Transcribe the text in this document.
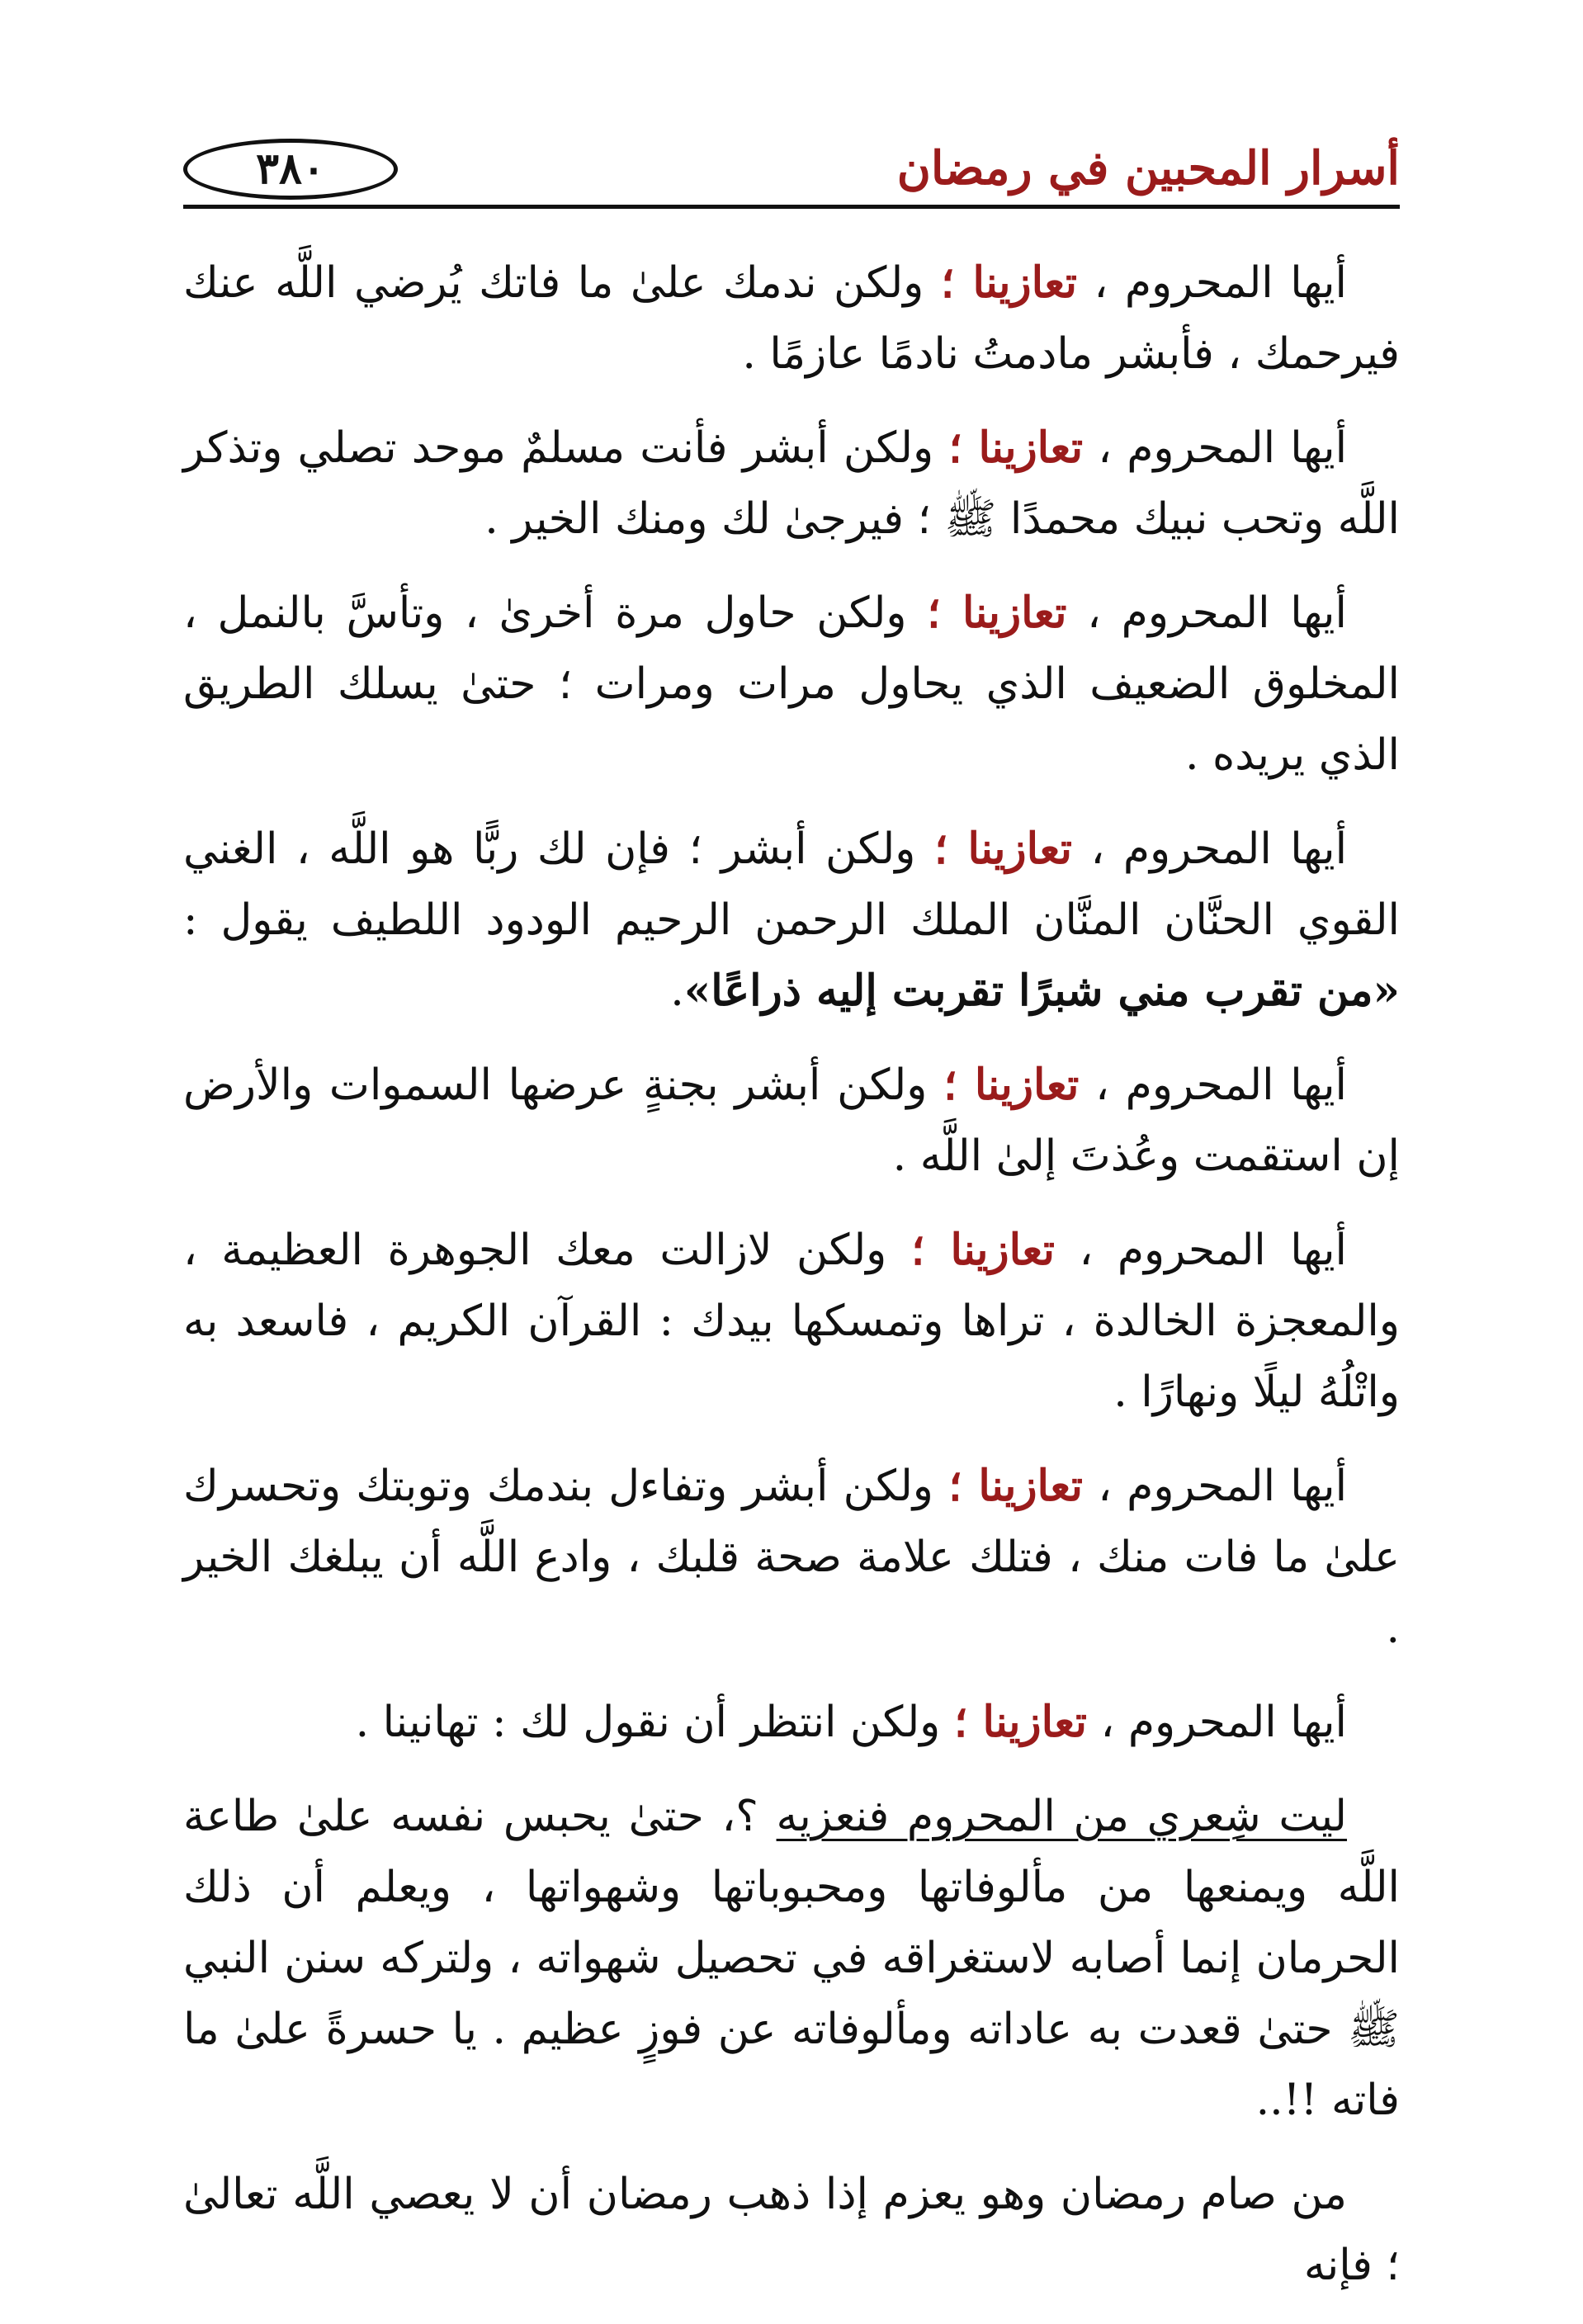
أسرار المحبين في رمضان
٣٨٠

أيها المحروم ، تعازينا ؛ ولكن ندمك علىٰ ما فاتك يُرضي اللَّه عنك فيرحمك ، فأبشر مادمتُ نادمًا عازمًا .

أيها المحروم ، تعازينا ؛ ولكن أبشر فأنت مسلمٌ موحد تصلي وتذكر اللَّه وتحب نبيك محمدًا ﷺ ؛ فيرجىٰ لك ومنك الخير .

أيها المحروم ، تعازينا ؛ ولكن حاول مرة أخرىٰ ، وتأسَّ بالنمل ، المخلوق الضعيف الذي يحاول مرات ومرات ؛ حتىٰ يسلك الطريق الذي يريده .

أيها المحروم ، تعازينا ؛ ولكن أبشر ؛ فإن لك ربًّا هو اللَّه ، الغني القوي الحنَّان المنَّان الملك الرحمن الرحيم الودود اللطيف يقول : «من تقرب مني شبرًا تقربت إليه ذراعًا».

أيها المحروم ، تعازينا ؛ ولكن أبشر بجنةٍ عرضها السموات والأرض إن استقمت وعُذتَ إلىٰ اللَّه .

أيها المحروم ، تعازينا ؛ ولكن لازالت معك الجوهرة العظيمة ، والمعجزة الخالدة ، تراها وتمسكها بيدك : القرآن الكريم ، فاسعد به واتْلُهُ ليلًا ونهارًا .

أيها المحروم ، تعازينا ؛ ولكن أبشر وتفاءل بندمك وتوبتك وتحسرك علىٰ ما فات منك ، فتلك علامة صحة قلبك ، وادع اللَّه أن يبلغك الخير .

أيها المحروم ، تعازينا ؛ ولكن انتظر أن نقول لك : تهانينا .

ليت شِعري من المحروم فنعزيه ؟، حتىٰ يحبس نفسه علىٰ طاعة اللَّه ويمنعها من مألوفاتها ومحبوباتها وشهواتها ، ويعلم أن ذلك الحرمان إنما أصابه لاستغراقه في تحصيل شهواته ، ولتركه سنن النبي ﷺ حتىٰ قعدت به عاداته ومألوفاته عن فوزٍ عظيم . يا حسرةً علىٰ ما فاته !!..

من صام رمضان وهو يعزم إذا ذهب رمضان أن لا يعصي اللَّه تعالىٰ ؛ فإنه
